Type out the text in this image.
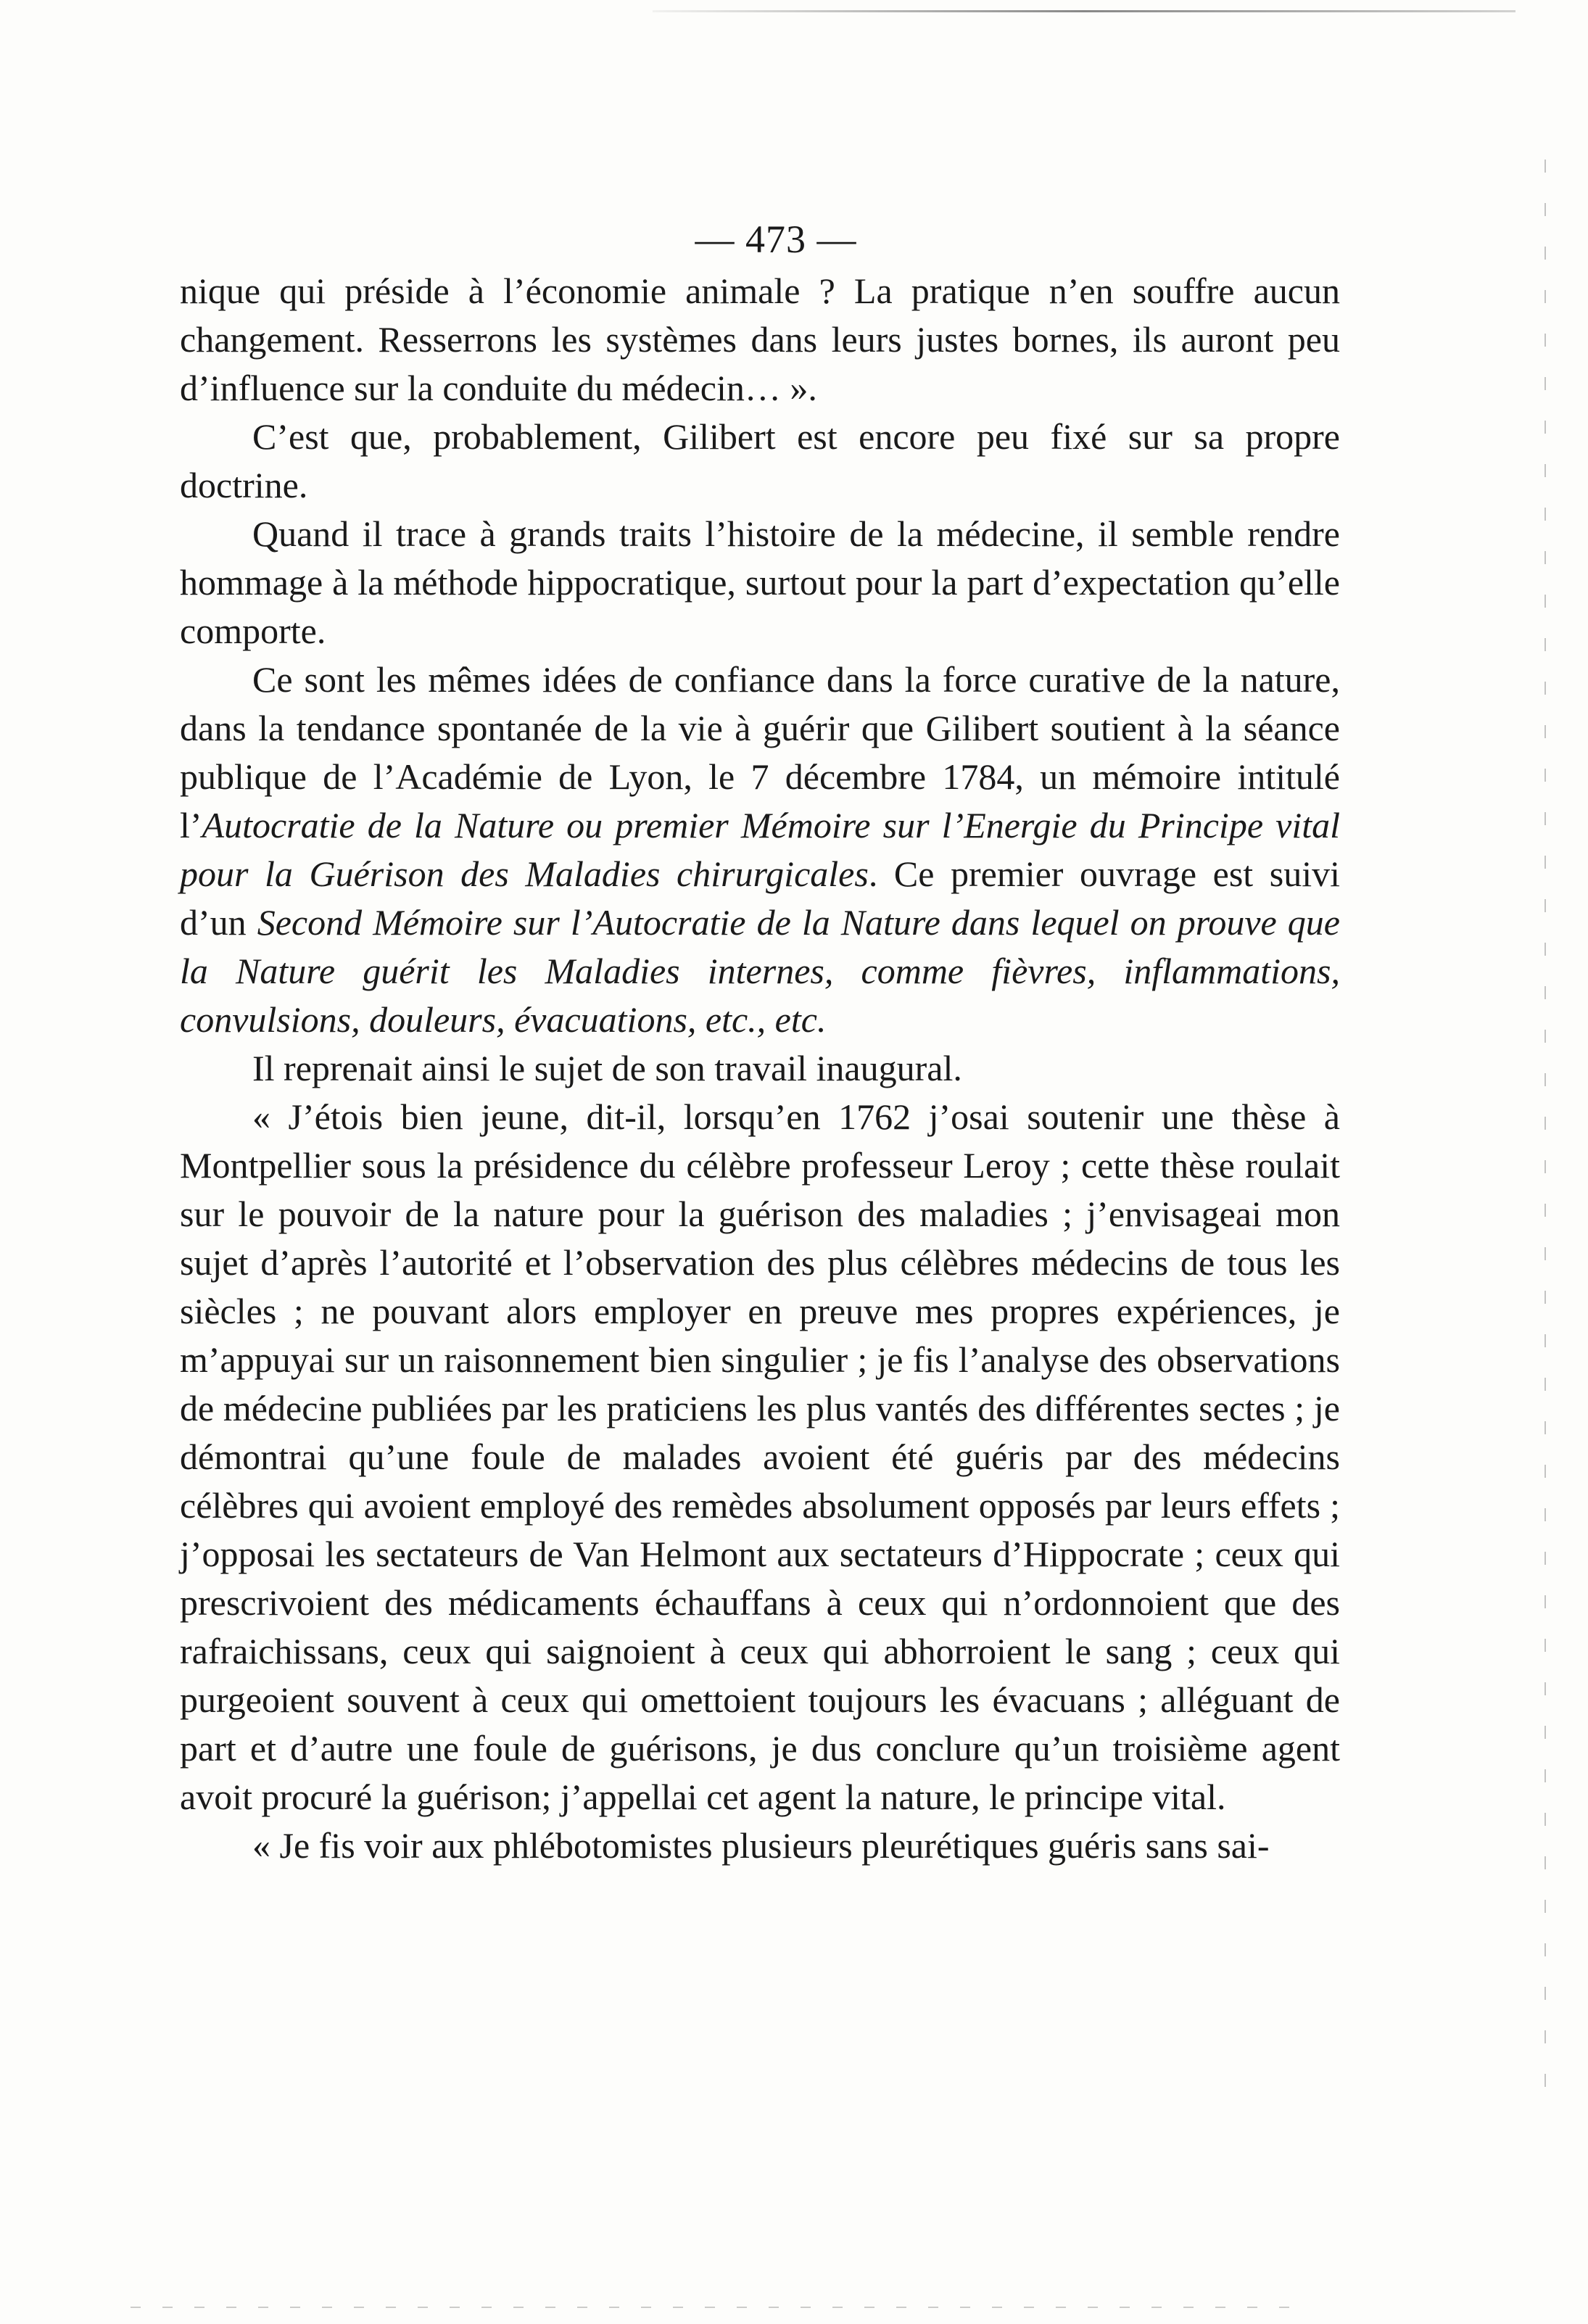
— 473 —

nique qui préside à l’économie animale ? La pratique n’en souffre aucun changement. Resserrons les systèmes dans leurs justes bornes, ils auront peu d’influence sur la conduite du médecin… ».

C’est que, probablement, Gilibert est encore peu fixé sur sa propre doctrine.

Quand il trace à grands traits l’histoire de la médecine, il semble rendre hommage à la méthode hippocratique, surtout pour la part d’expectation qu’elle comporte.

Ce sont les mêmes idées de confiance dans la force curative de la nature, dans la tendance spontanée de la vie à guérir que Gilibert soutient à la séance publique de l’Académie de Lyon, le 7 décembre 1784, un mémoire intitulé l’Autocratie de la Nature ou premier Mémoire sur l’Energie du Principe vital pour la Guérison des Maladies chirurgicales. Ce premier ouvrage est suivi d’un Second Mémoire sur l’Autocratie de la Nature dans lequel on prouve que la Nature guérit les Maladies internes, comme fièvres, inflammations, convulsions, douleurs, évacuations, etc., etc.

Il reprenait ainsi le sujet de son travail inaugural.

« J’étois bien jeune, dit-il, lorsqu’en 1762 j’osai soutenir une thèse à Montpellier sous la présidence du célèbre professeur Leroy ; cette thèse roulait sur le pouvoir de la nature pour la guérison des maladies ; j’envisageai mon sujet d’après l’autorité et l’observation des plus célèbres médecins de tous les siècles ; ne pouvant alors employer en preuve mes propres expériences, je m’appuyai sur un raisonnement bien singulier ; je fis l’analyse des observations de médecine publiées par les praticiens les plus vantés des différentes sectes ; je démontrai qu’une foule de malades avoient été guéris par des médecins célèbres qui avoient employé des remèdes absolument opposés par leurs effets ; j’opposai les sectateurs de Van Helmont aux sectateurs d’Hippocrate ; ceux qui prescrivoient des médicaments échauffans à ceux qui n’ordonnoient que des rafraichissans, ceux qui saignoient à ceux qui abhorroient le sang ; ceux qui purgeoient souvent à ceux qui omettoient toujours les évacuans ; alléguant de part et d’autre une foule de guérisons, je dus conclure qu’un troisième agent avoit procuré la guérison; j’appellai cet agent la nature, le principe vital.

« Je fis voir aux phlébotomistes plusieurs pleurétiques guéris sans sai-
